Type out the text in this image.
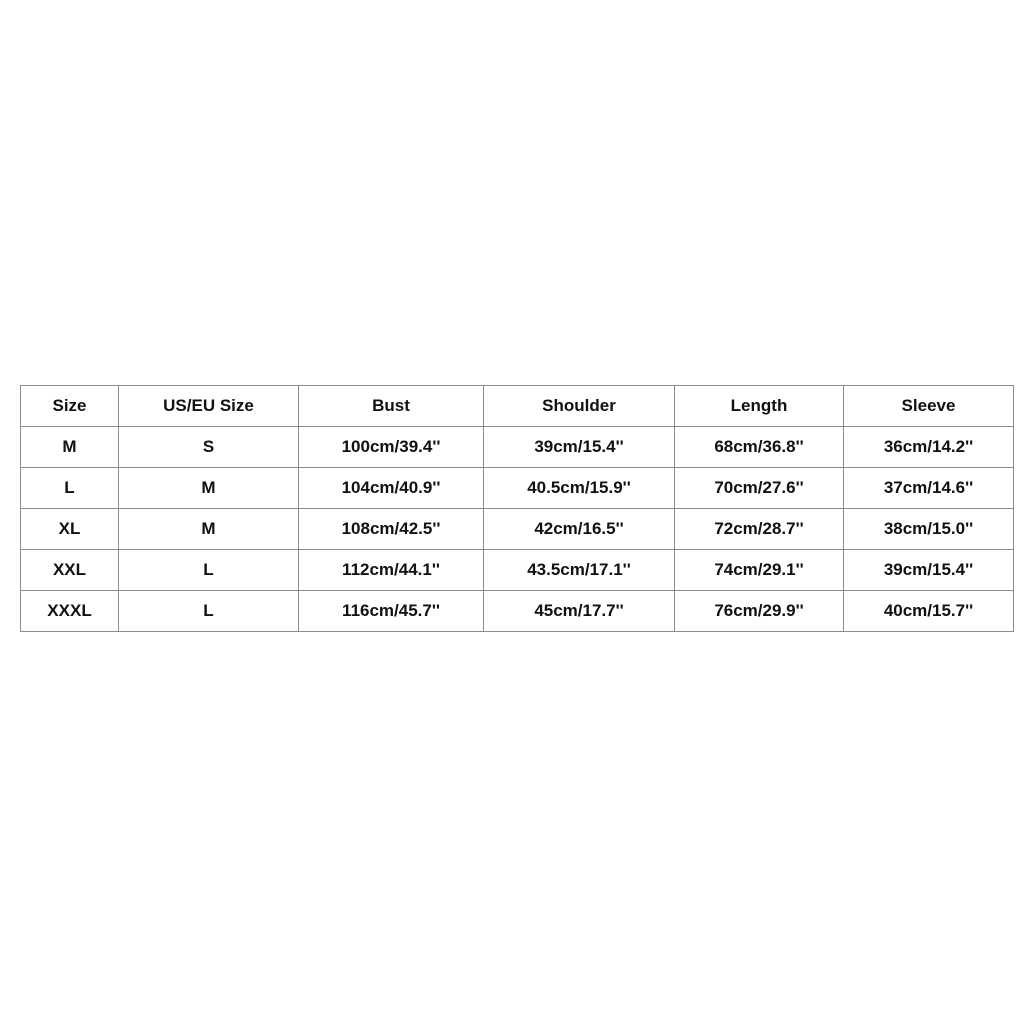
Size	US/EU Size	Bust	Shoulder	Length	Sleeve
M	S	100cm/39.4''	39cm/15.4''	68cm/36.8''	36cm/14.2''
L	M	104cm/40.9''	40.5cm/15.9''	70cm/27.6''	37cm/14.6''
XL	M	108cm/42.5''	42cm/16.5''	72cm/28.7''	38cm/15.0''
XXL	L	112cm/44.1''	43.5cm/17.1''	74cm/29.1''	39cm/15.4''
XXXL	L	116cm/45.7''	45cm/17.7''	76cm/29.9''	40cm/15.7''
